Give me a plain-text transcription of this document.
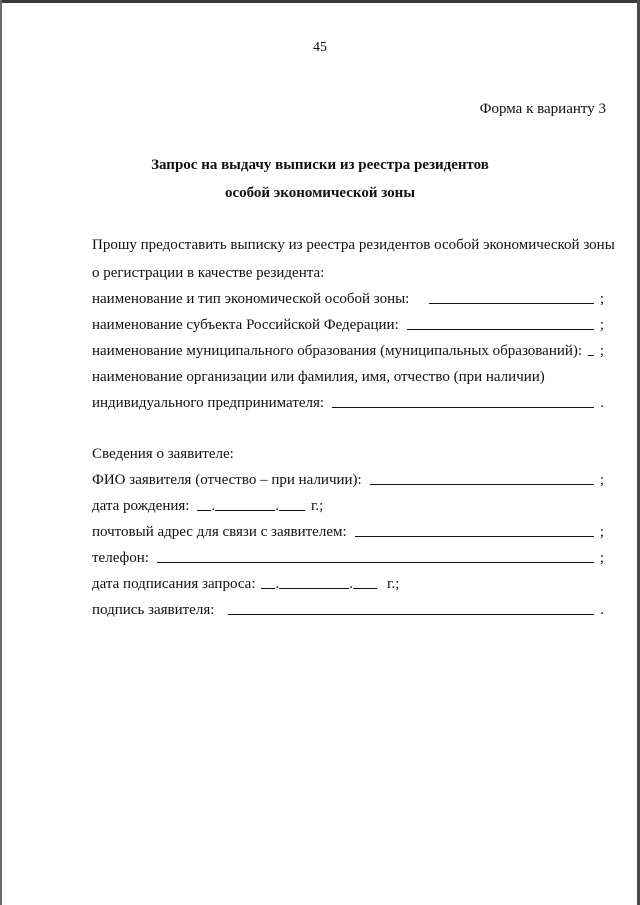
45
Форма к варианту 3
Запрос на выдачу выписки из реестра резидентов
особой экономической зоны
Прошу предоставить выписку из реестра резидентов особой экономической зоны
о регистрации в качестве резидента:
наименование и тип экономической особой зоны:	;
наименование субъекта Российской Федерации:	;
наименование муниципального образования (муниципальных образований): ;
наименование организации или фамилия, имя, отчество (при наличии)
индивидуального предпринимателя:	.
Сведения о заявителе:
ФИО заявителя (отчество – при наличии):	;
дата рождения: .	. г.;
почтовый адрес для связи с заявителем:	;
телефон:	;
дата подписания запроса: .	. г.;
подпись заявителя:	.
